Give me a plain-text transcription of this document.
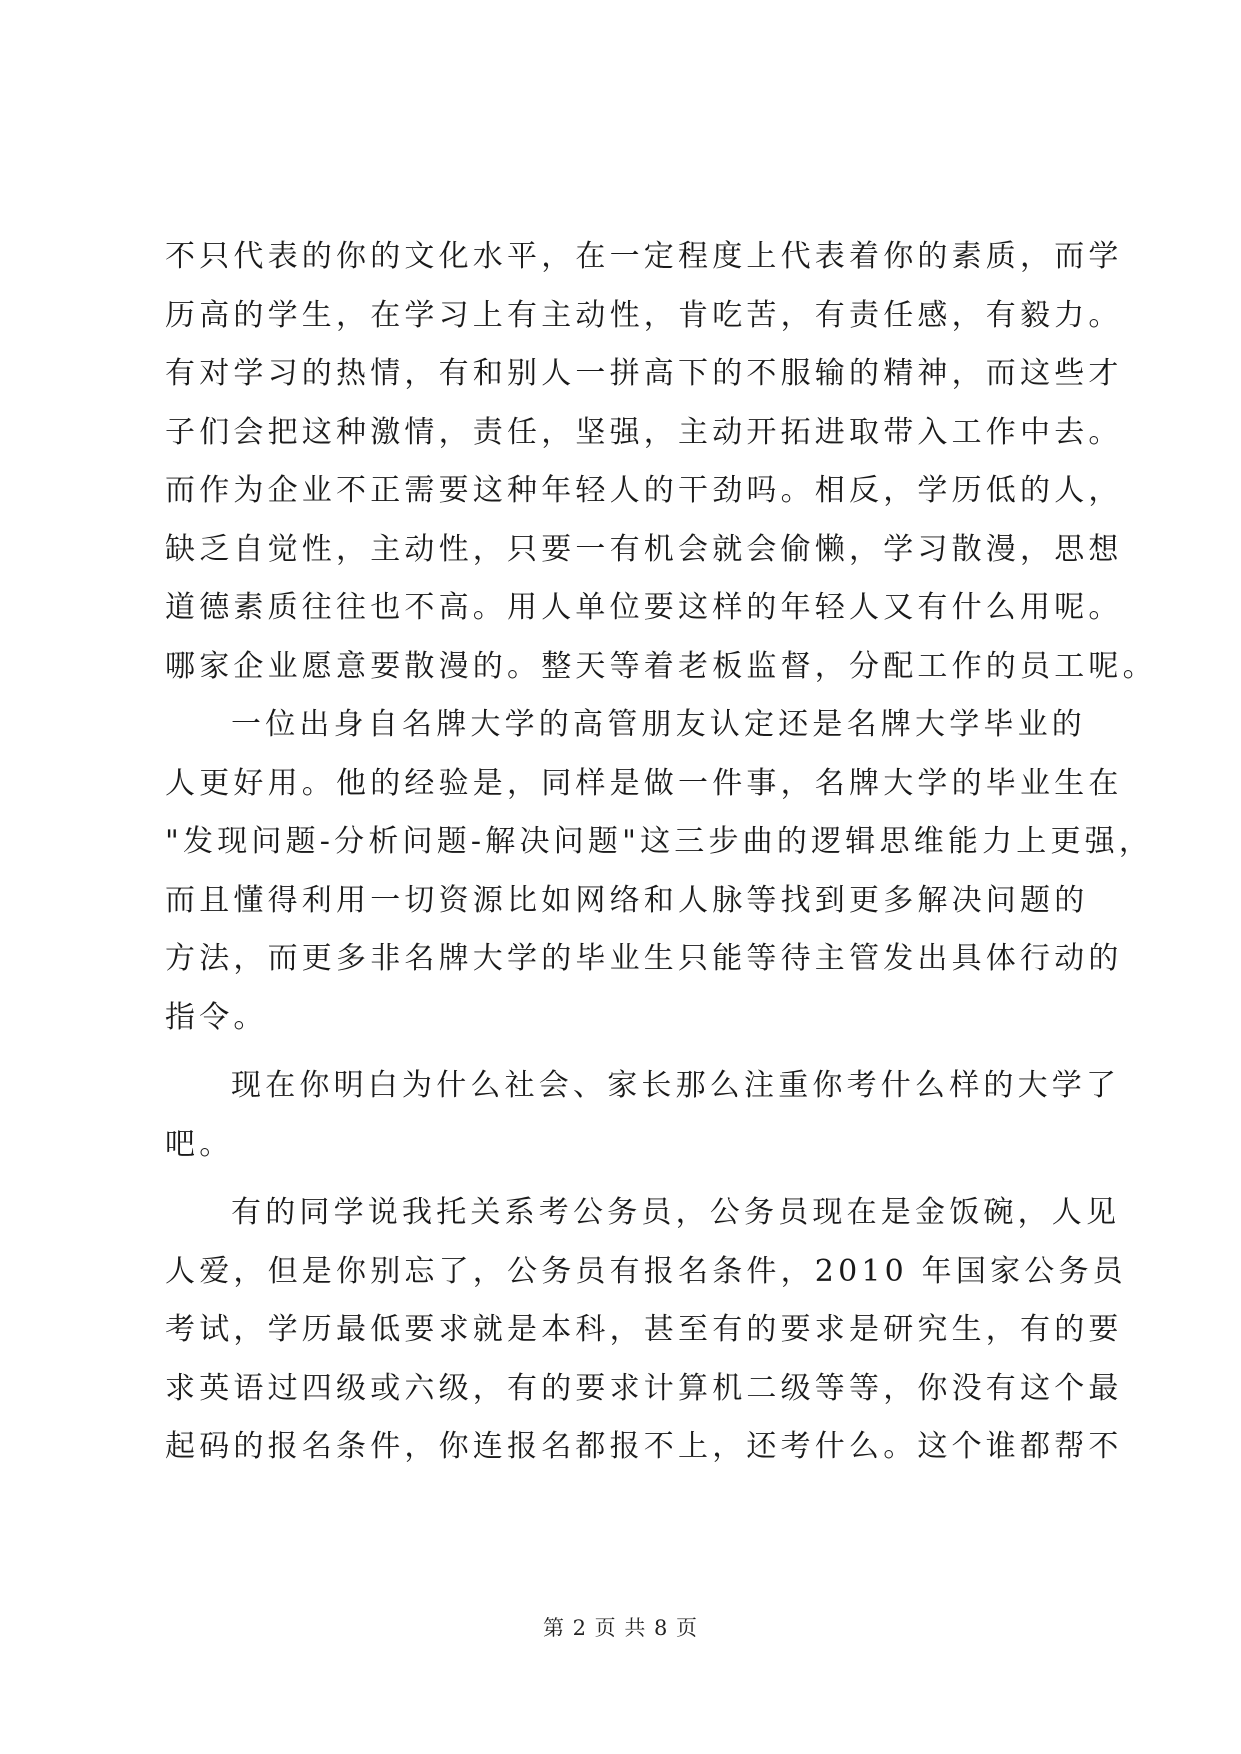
不只代表的你的文化水平，在一定程度上代表着你的素质，而学
历高的学生，在学习上有主动性，肯吃苦，有责任感，有毅力。
有对学习的热情，有和别人一拼高下的不服输的精神，而这些才
子们会把这种激情，责任，坚强，主动开拓进取带入工作中去。
而作为企业不正需要这种年轻人的干劲吗。相反，学历低的人，
缺乏自觉性，主动性，只要一有机会就会偷懒，学习散漫，思想
道德素质往往也不高。用人单位要这样的年轻人又有什么用呢。
哪家企业愿意要散漫的。整天等着老板监督，分配工作的员工呢。
一位出身自名牌大学的高管朋友认定还是名牌大学毕业的
人更好用。他的经验是，同样是做一件事，名牌大学的毕业生在
"发现问题-分析问题-解决问题"这三步曲的逻辑思维能力上更强，
而且懂得利用一切资源比如网络和人脉等找到更多解决问题的
方法，而更多非名牌大学的毕业生只能等待主管发出具体行动的
指令。
现在你明白为什么社会、家长那么注重你考什么样的大学了
吧。
有的同学说我托关系考公务员，公务员现在是金饭碗，人见
人爱，但是你别忘了，公务员有报名条件，2010 年国家公务员
考试，学历最低要求就是本科，甚至有的要求是研究生，有的要
求英语过四级或六级，有的要求计算机二级等等，你没有这个最
起码的报名条件，你连报名都报不上，还考什么。这个谁都帮不
第 2 页 共 8 页
